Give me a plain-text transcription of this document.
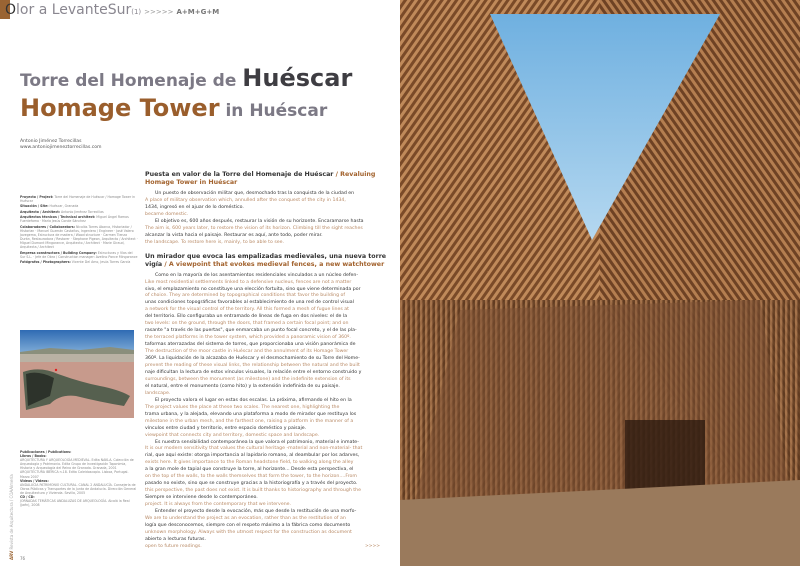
O lor a LevanteSur (1) >>>>> A+M+G+M
Torre del Homenaje de Huéscar
Homage Tower in Huéscar
Antonio Jiménez Torrecillas
www.antoniojimeneztorrecillas.com
Proyecto / Project: Torre del Homenaje de Huéscar / Homage Tower in Huéscar
Situación / Site: Huéscar, Granada
Arquitecto / Architect: Antonio Jiménez Torrecillas
Arquitectos técnicos / Technical architect: Miguel Ángel Ramos Fuentefamo · María Jesús Conde Sánchez
Colaboradores / Collaborators: Nicolás Torres Abarca, Historiador / Historian · Manuel Guzmán Castaños, Ingeniero / Engineer · José Valero Jovegema, Estructura de madera / Wood structure · Carmen Tienza Durán, Restauradora / Restorer · Stephane Pigeon, Arquitecto / Architect · Miguel Dumont Mingorance, Arquitecto / Architect · Marie Giraud, Arquitecta / Architect
Empresa constructora / Building Company: Estructuras y Vías del Sur S.L. · Jefe de Obra / Construction manager: Avelino Ponce Mingorance
Fotógrafos / Photographers: Vicente Del Amo, Jesús Torres García
Publicaciones / Publications:
Libros / Books:
ARQUITECTURA Y ARQUEOLOGÍA MEDIEVAL. Edita NAKLA. Colección de Arqueología y Patrimonio. Edita Grupo de Investigación Toponimia, Historia y Arqueología del Reino de Granada. Granada, 2001
ARQUITECTURA IBÉRICA n.18. Edita Caleidoscopio. Lisboa, Portugal. Marzo 2007
Videos / Videos:
ANDALUCÍA PATRIMONIO CULTURAL. CANAL 2 ANDALUCÍA. Consejería de Obras Públicas y Transportes de la Junta de Andalucía. Dirección General de Arquitectura y Vivienda. Sevilla, 2005
CD / CD:
JORNADAS TEMÁTICAS ANDALUZAS DE ARQUEOLOGÍA. Alcalá la Real (Jaén), 2008
ARV Revista de Arquitectura / COAAlmería
76
Puesta en valor de la Torre del Homenaje de Huéscar / Revaluing Homage Tower in Huéscar
Un puesto de observación militar que, desmochado tras la conquista de la ciudad en
A place of military observation which, annulled after the conquest of the city in 1434,
1434, ingresó en el ajuar de lo doméstico.
became domestic.
El objetivo es, 600 años después, restaurar la visión de su horizonte. Encaramarse hasta
The aim is, 600 years later, to restore the vision of its horizon. Climbing till the sight reaches
alcanzar la vista hacia el paisaje. Restaurar es aquí, ante todo, poder mirar.
the landscape. To restore here is, mainly, to be able to see.
Un mirador que evoca las empalizadas medievales, una nueva torre vigía / A viewpoint that evokes medieval fences, a new watchtower
Como en la mayoría de los asentamientos residenciales vinculados a un núcleo defen-
Like most residential settlements linked to a defensive nucleus, fences are not a matter
sivo, el emplazamiento no constituye una elección fortuita, sino que viene determinada por
of choice. They are determined by topographical conditions that favor the building of
unas condiciones topográficas favorables al establecimiento de una red de control visual
a network for the visual control of the territory. All this formed a mesh of fugue lines at
del territorio. Ello configuraba un entramado de líneas de fuga en dos niveles: el de la
two levels: on the ground, through the doors, that framed a certain focal point; and on
rasante "a través de las puertas", que enmarcaba un punto focal concreto, y el de las pla-
the terraced platforms in the tower system, which provided a panoramic vision of 360º.
taformas aterrazadas del sistema de torres, que proporcionaba una visión panorámica de
The destruction of the moor castle in Huéscar and the annulment of its Homage Tower
360º. La liquidación de la alcazaba de Huéscar y el desmochamiento de su Torre del Home-
prevent the reading of these visual links, the relationship between the natural and the built
naje dificultan la lectura de estos vínculos visuales, la relación entre el entorno construido y
surroundings, between the monument (as milestone) and the indefinite extension of its
el natural, entre el monumento (como hito) y la extensión indefinida de su paisaje.
landscape.
El proyecto valora el lugar en estas dos escalas. La próxima, afirmando el hito en la
The project values the place at these two scales. The nearest one, highlighting the
trama urbana, y la alejada, elevando una plataforma a modo de mirador que restituya los
milestone in the urban mesh, and the farthest one, raising a platform in the manner of a
vínculos entre ciudad y territorio, entre espacio doméstico y paisaje.
viewpoint that connects city and territory, domestic space and landscape.
Es nuestra sensibilidad contemporánea la que valora el patrimonio, material e inmate-
It is our modern sensitivity that values the cultural heritage -material and non-material- that
rial, que aquí existe: otorga importancia al lapidario romano, al deambular por los adarves,
exists here. It gives importance to the Roman headstone field, to walking along the alley
a la gran mole de tapial que construye la torre, al horizonte... Desde esta perspectiva, el
on the top of the walls, to the walls themselves that form the tower, to the horizon....From
pasado no existe, sino que se construye gracias a la historiografía y a través del proyecto.
this perspective, the past does not exist. It is built thanks to historiography and through the
Siempre se interviene desde lo contemporáneo.
project. It is always from the contemporary that we intervene.
Entender el proyecto desde la evocación, más que desde la restitución de una morfo-
We are to understand the project as an evocation, rather than as the restitution of an
logía que desconocemos, siempre con el respeto máximo a la fábrica como documento
unknown morphology. Always with the utmost respect for the construction as document
abierto a lecturas futuras.
open to future readings.	>>>>
